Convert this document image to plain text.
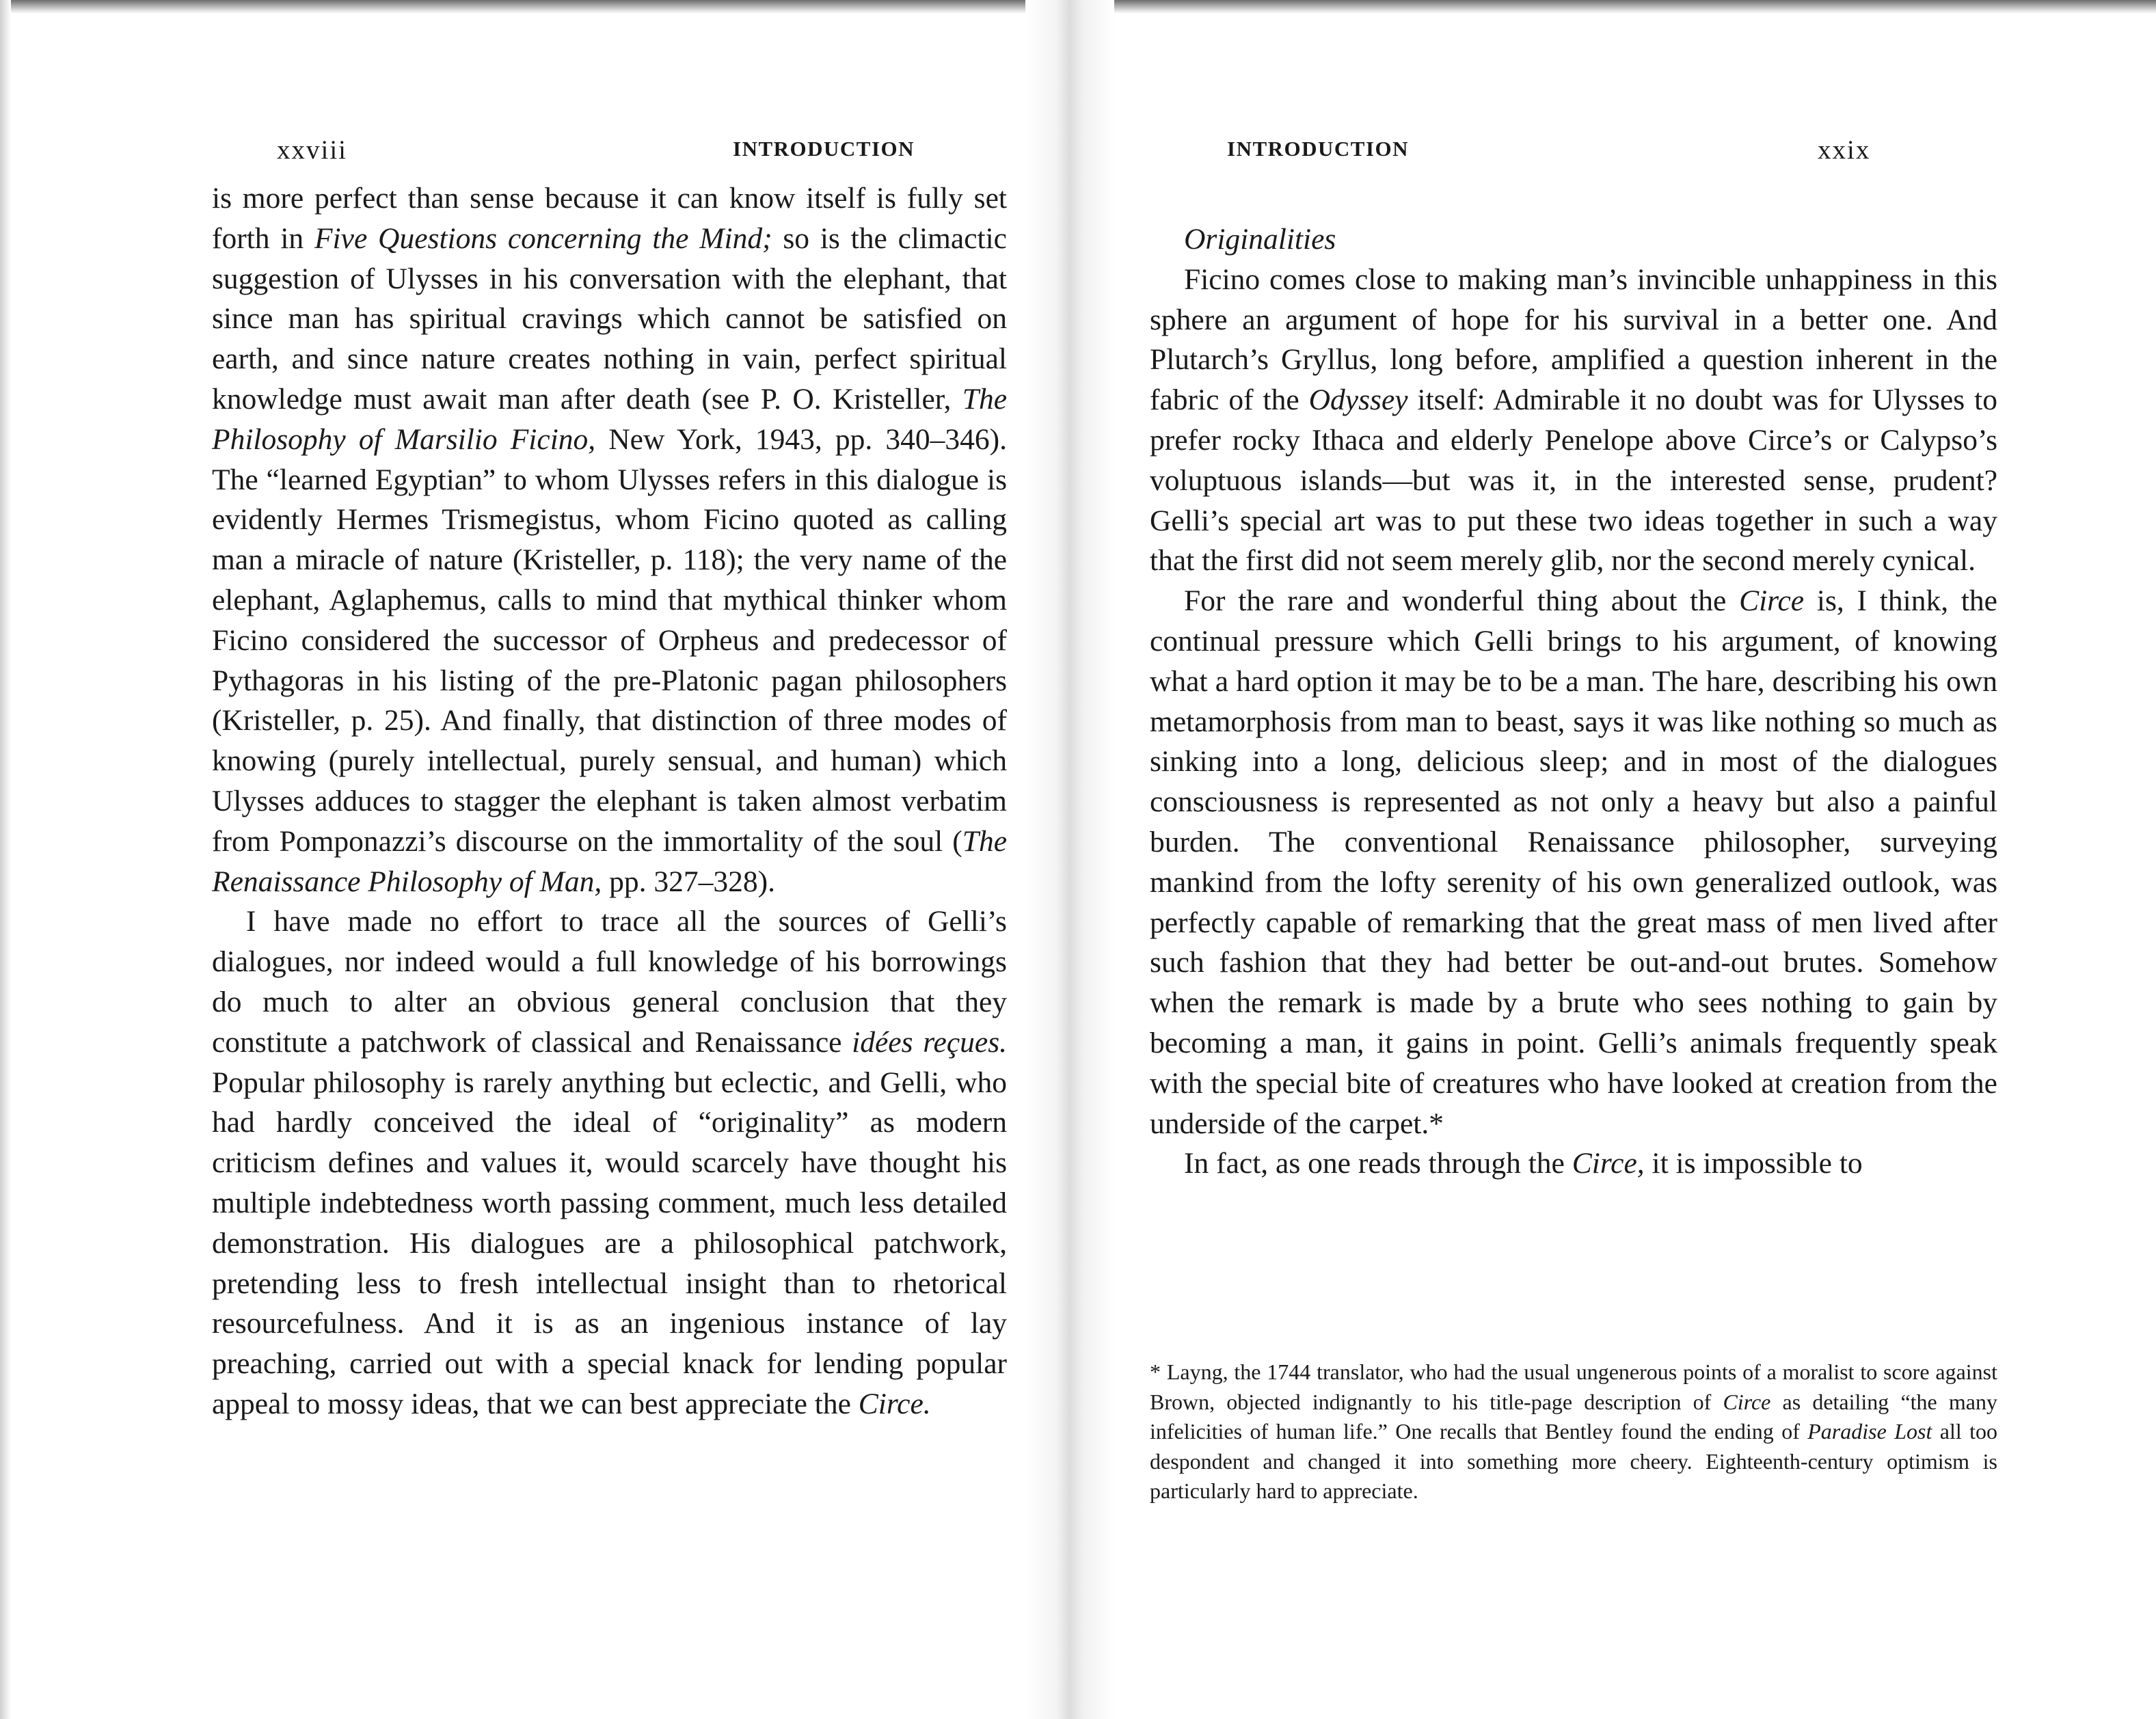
xxviii	INTRODUCTION

is more perfect than sense because it can know itself is fully set forth in Five Questions concerning the Mind; so is the climactic suggestion of Ulysses in his conversation with the elephant, that since man has spiritual cravings which cannot be satisfied on earth, and since nature creates nothing in vain, perfect spiritual knowledge must await man after death (see P. O. Kristeller, The Philosophy of Marsilio Ficino, New York, 1943, pp. 340–346). The “learned Egyptian” to whom Ulysses refers in this dialogue is evidently Hermes Trismegistus, whom Ficino quoted as calling man a miracle of nature (Kristeller, p. 118); the very name of the elephant, Aglaphemus, calls to mind that mythical thinker whom Ficino considered the successor of Orpheus and predecessor of Pythagoras in his listing of the pre-Platonic pagan philosophers (Kristeller, p. 25). And finally, that distinction of three modes of knowing (purely intellectual, purely sensual, and human) which Ulysses adduces to stagger the elephant is taken almost verbatim from Pomponazzi’s discourse on the immortality of the soul (The Renaissance Philosophy of Man, pp. 327–328).

I have made no effort to trace all the sources of Gelli’s dialogues, nor indeed would a full knowledge of his borrowings do much to alter an obvious general conclusion that they constitute a patchwork of classical and Renaissance idées reçues. Popular philosophy is rarely anything but eclectic, and Gelli, who had hardly conceived the ideal of “originality” as modern criticism defines and values it, would scarcely have thought his multiple indebtedness worth passing comment, much less detailed demonstration. His dialogues are a philosophical patchwork, pretending less to fresh intellectual insight than to rhetorical resourcefulness. And it is as an ingenious instance of lay preaching, carried out with a special knack for lending popular appeal to mossy ideas, that we can best appreciate the Circe.

INTRODUCTION	xxix

Originalities

Ficino comes close to making man’s invincible unhappiness in this sphere an argument of hope for his survival in a better one. And Plutarch’s Gryllus, long before, amplified a question inherent in the fabric of the Odyssey itself: Admirable it no doubt was for Ulysses to prefer rocky Ithaca and elderly Penelope above Circe’s or Calypso’s voluptuous islands—but was it, in the interested sense, prudent? Gelli’s special art was to put these two ideas together in such a way that the first did not seem merely glib, nor the second merely cynical.

For the rare and wonderful thing about the Circe is, I think, the continual pressure which Gelli brings to his argument, of knowing what a hard option it may be to be a man. The hare, describing his own metamorphosis from man to beast, says it was like nothing so much as sinking into a long, delicious sleep; and in most of the dialogues consciousness is represented as not only a heavy but also a painful burden. The conventional Renaissance philosopher, surveying mankind from the lofty serenity of his own generalized outlook, was perfectly capable of remarking that the great mass of men lived after such fashion that they had better be out-and-out brutes. Somehow when the remark is made by a brute who sees nothing to gain by becoming a man, it gains in point. Gelli’s animals frequently speak with the special bite of creatures who have looked at creation from the underside of the carpet.*

In fact, as one reads through the Circe, it is impossible to

* Layng, the 1744 translator, who had the usual ungenerous points of a moralist to score against Brown, objected indignantly to his title-page description of Circe as detailing “the many infelicities of human life.” One recalls that Bentley found the ending of Paradise Lost all too despondent and changed it into something more cheery. Eighteenth-century optimism is particularly hard to appreciate.
